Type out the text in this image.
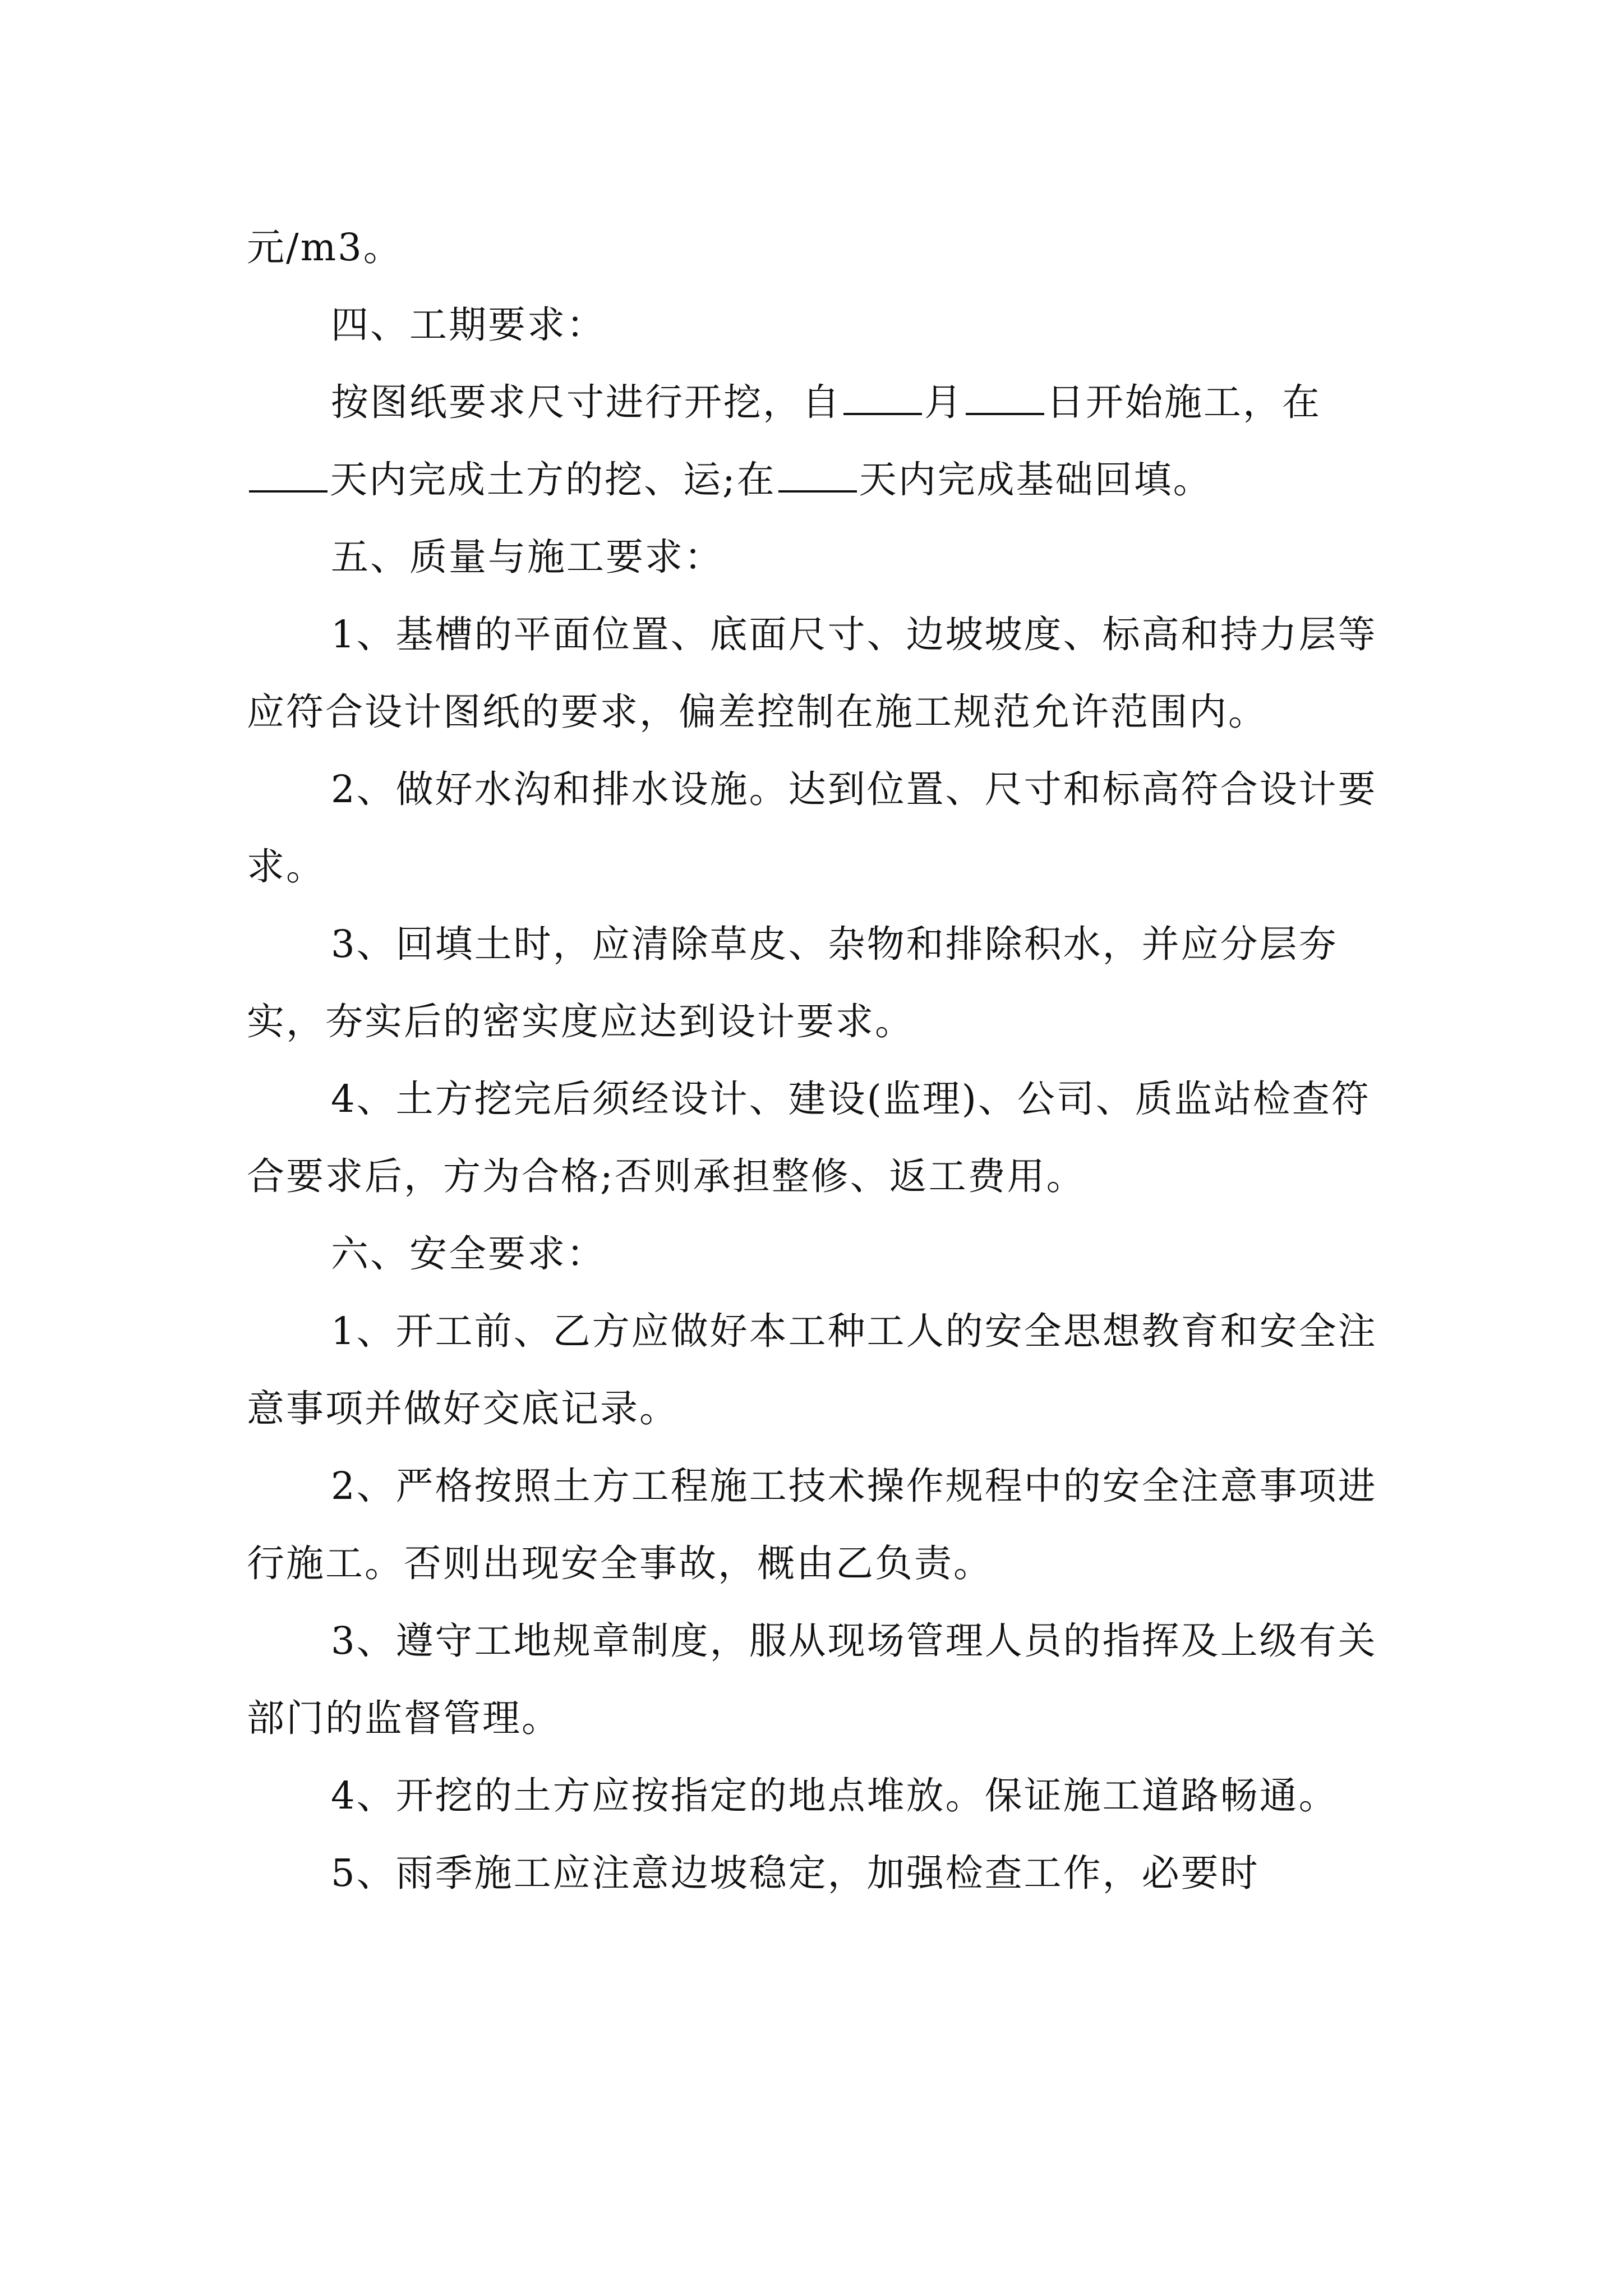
元/m3。

四、工期要求：

按图纸要求尺寸进行开挖，自 月 日开始施工，在天内完成土方的挖、运;在 天内完成基础回填。

五、质量与施工要求：

1、基槽的平面位置、底面尺寸、边坡坡度、标高和持力层等应符合设计图纸的要求，偏差控制在施工规范允许范围内。

2、做好水沟和排水设施。达到位置、尺寸和标高符合设计要求。

3、回填土时，应清除草皮、杂物和排除积水，并应分层夯实，夯实后的密实度应达到设计要求。

4、土方挖完后须经设计、建设(监理)、公司、质监站检查符合要求后，方为合格;否则承担整修、返工费用。

六、安全要求：

1、开工前、乙方应做好本工种工人的安全思想教育和安全注意事项并做好交底记录。

2、严格按照土方工程施工技术操作规程中的安全注意事项进行施工。否则出现安全事故，概由乙负责。

3、遵守工地规章制度，服从现场管理人员的指挥及上级有关部门的监督管理。

4、开挖的土方应按指定的地点堆放。保证施工道路畅通。

5、雨季施工应注意边坡稳定，加强检查工作，必要时
